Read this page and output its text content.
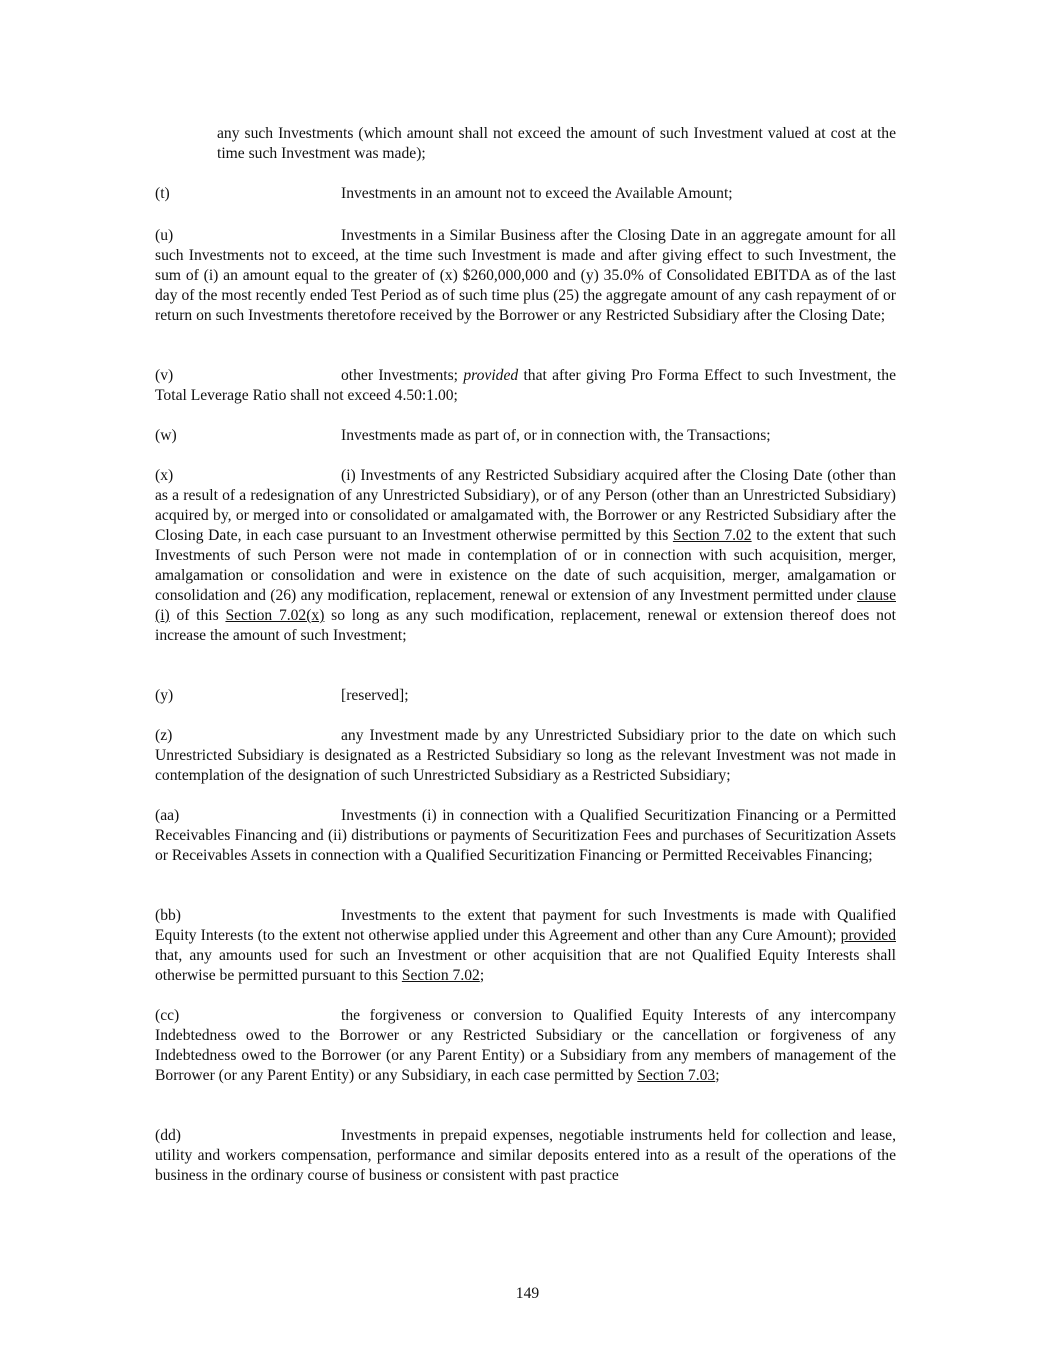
any such Investments (which amount shall not exceed the amount of such Investment valued at cost at the time such Investment was made);

(t)	Investments in an amount not to exceed the Available Amount;

(u)	Investments in a Similar Business after the Closing Date in an aggregate amount for all such Investments not to exceed, at the time such Investment is made and after giving effect to such Investment, the sum of (i) an amount equal to the greater of (x) $260,000,000 and (y) 35.0% of Consolidated EBITDA as of the last day of the most recently ended Test Period as of such time plus (25) the aggregate amount of any cash repayment of or return on such Investments theretofore received by the Borrower or any Restricted Subsidiary after the Closing Date;

(v)	other Investments; provided that after giving Pro Forma Effect to such Investment, the Total Leverage Ratio shall not exceed 4.50:1.00;

(w)	Investments made as part of, or in connection with, the Transactions;

(x)	(i) Investments of any Restricted Subsidiary acquired after the Closing Date (other than as a result of a redesignation of any Unrestricted Subsidiary), or of any Person (other than an Unrestricted Subsidiary) acquired by, or merged into or consolidated or amalgamated with, the Borrower or any Restricted Subsidiary after the Closing Date, in each case pursuant to an Investment otherwise permitted by this Section 7.02 to the extent that such Investments of such Person were not made in contemplation of or in connection with such acquisition, merger, amalgamation or consolidation and were in existence on the date of such acquisition, merger, amalgamation or consolidation and (26) any modification, replacement, renewal or extension of any Investment permitted under clause (i) of this Section 7.02(x) so long as any such modification, replacement, renewal or extension thereof does not increase the amount of such Investment;

(y)	[reserved];

(z)	any Investment made by any Unrestricted Subsidiary prior to the date on which such Unrestricted Subsidiary is designated as a Restricted Subsidiary so long as the relevant Investment was not made in contemplation of the designation of such Unrestricted Subsidiary as a Restricted Subsidiary;

(aa)	Investments (i) in connection with a Qualified Securitization Financing or a Permitted Receivables Financing and (ii) distributions or payments of Securitization Fees and purchases of Securitization Assets or Receivables Assets in connection with a Qualified Securitization Financing or Permitted Receivables Financing;

(bb)	Investments to the extent that payment for such Investments is made with Qualified Equity Interests (to the extent not otherwise applied under this Agreement and other than any Cure Amount); provided that, any amounts used for such an Investment or other acquisition that are not Qualified Equity Interests shall otherwise be permitted pursuant to this Section 7.02;

(cc)	the forgiveness or conversion to Qualified Equity Interests of any intercompany Indebtedness owed to the Borrower or any Restricted Subsidiary or the cancellation or forgiveness of any Indebtedness owed to the Borrower (or any Parent Entity) or a Subsidiary from any members of management of the Borrower (or any Parent Entity) or any Subsidiary, in each case permitted by Section 7.03;

(dd)	Investments in prepaid expenses, negotiable instruments held for collection and lease, utility and workers compensation, performance and similar deposits entered into as a result of the operations of the business in the ordinary course of business or consistent with past practice

149
